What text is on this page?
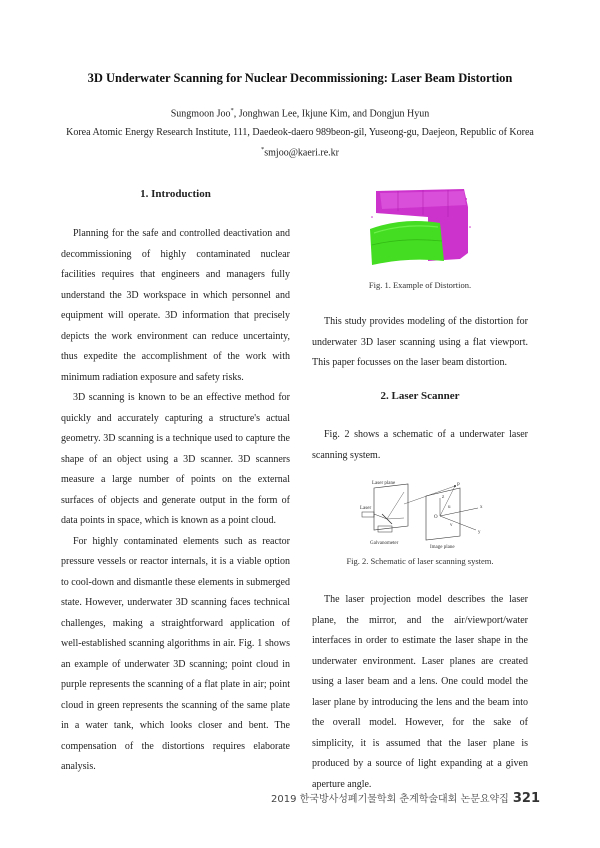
3D Underwater Scanning for Nuclear Decommissioning: Laser Beam Distortion
Sungmoon Joo*, Jonghwan Lee, Ikjune Kim, and Dongjun Hyun
Korea Atomic Energy Research Institute, 111, Daedeok-daero 989beon-gil, Yuseong-gu, Daejeon, Republic of Korea
*smjoo@kaeri.re.kr
1. Introduction

Planning for the safe and controlled deactivation and decommissioning of highly contaminated nuclear facilities requires that engineers and managers fully understand the 3D workspace in which personnel and equipment will operate. 3D information that precisely depicts the work environment can reduce uncertainty, thus expedite the accomplishment of the work with minimum radiation exposure and safety risks.

3D scanning is known to be an effective method for quickly and accurately capturing a structure's actual geometry. 3D scanning is a technique used to capture the shape of an object using a 3D scanner. 3D scanners measure a large number of points on the external surfaces of objects and generate output in the form of data points in space, which is known as a point cloud.

For highly contaminated elements such as reactor pressure vessels or reactor internals, it is a viable option to cool-down and dismantle these elements in submerged state. However, underwater 3D scanning faces technical challenges, making a straightforward application of well-established scanning algorithms in air. Fig. 1 shows an example of underwater 3D scanning; point cloud in purple represents the scanning of a flat plate in air; point cloud in green represents the scanning of the same plate in a water tank, which looks closer and bent. The compensation of the distortions requires elaborate analysis.

Fig. 1. Example of Distortion.

This study provides modeling of the distortion for underwater 3D laser scanning using a flat viewport. This paper focusses on the laser beam distortion.

2. Laser Scanner

Fig. 2 shows a schematic of a underwater laser scanning system.

Laser plane
Laser
Galvanometer
Image plane
P
O
y
x
z
u
v
Fig. 2. Schematic of laser scanning system.

The laser projection model describes the laser plane, the mirror, and the air/viewport/water interfaces in order to estimate the laser shape in the underwater environment. Laser planes are created using a laser beam and a lens. One could model the laser plane by introducing the lens and the beam into the overall model. However, for the sake of simplicity, it is assumed that the laser plane is produced by a source of light expanding at a given aperture angle.

2019 한국방사성폐기물학회 춘계학술대회 논문요약집 321
